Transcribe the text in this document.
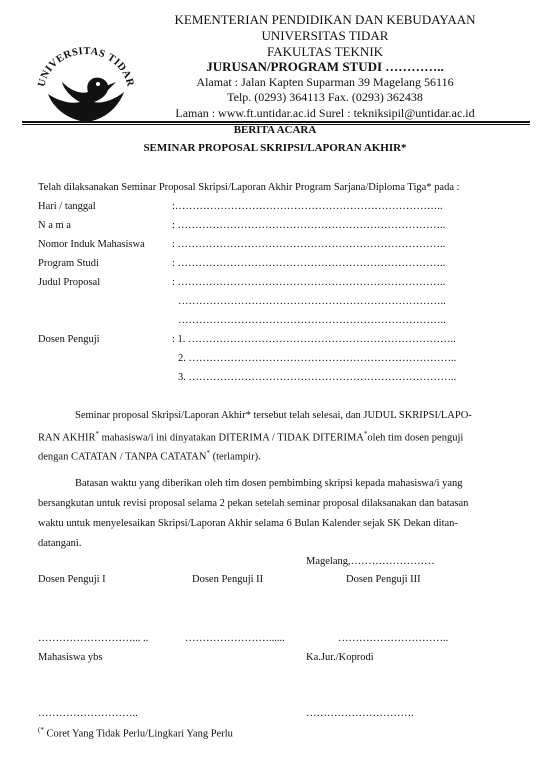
UNIVERSITAS TIDAR
KEMENTERIAN PENDIDIKAN DAN KEBUDAYAAN
UNIVERSITAS TIDAR
FAKULTAS TEKNIK
JURUSAN/PROGRAM STUDI …………..
Alamat : Jalan Kapten Suparman 39 Magelang 56116
Telp. (0293) 364113 Fax. (0293) 362438
Laman : www.ft.untidar.ac.id Surel : tekniksipil@untidar.ac.id
BERITA ACARA
SEMINAR PROPOSAL SKRIPSI/LAPORAN AKHIR*
Telah dilaksanakan Seminar Proposal Skripsi/Laporan Akhir Program Sarjana/Diploma Tiga* pada :
Hari / tanggal	:…………………………………………………………………..
N a m a	: …………………………………………………………………..
Nomor Induk Mahasiswa	: …………………………………………………………………..
Program Studi	: …………………………………………………………………..
Judul Proposal	: …………………………………………………………………..
…………………………………………………………………..
…………………………………………………………………..
Dosen Penguji	: 1. …………………………………………………………………..
2. …………………………………………………………………..
3. …………………………………………………………………..
Seminar proposal Skripsi/Laporan Akhir* tersebut telah selesai, dan JUDUL SKRIPSI/LAPO-
RAN AKHIR* mahasiswa/i ini dinyatakan DITERIMA / TIDAK DITERIMA*oleh tim dosen penguji
dengan CATATAN / TANPA CATATAN* (terlampir).
Batasan waktu yang diberikan oleh tim dosen pembimbing skripsi kepada mahasiswa/i yang
bersangkutan untuk revisi proposal selama 2 pekan setelah seminar proposal dilaksanakan dan batasan
waktu untuk menyelesaikan Skripsi/Laporan Akhir selama 6 Bulan Kalender sejak SK Dekan ditan-
datangani.
Magelang,……………………
Dosen Penguji I	Dosen Penguji II	Dosen Penguji III
………………………... ..	……………………......	…………………………..
Mahasiswa ybs	Ka.Jur./Koprodi
………………………..	………………………….
(* Coret Yang Tidak Perlu/Lingkari Yang Perlu
